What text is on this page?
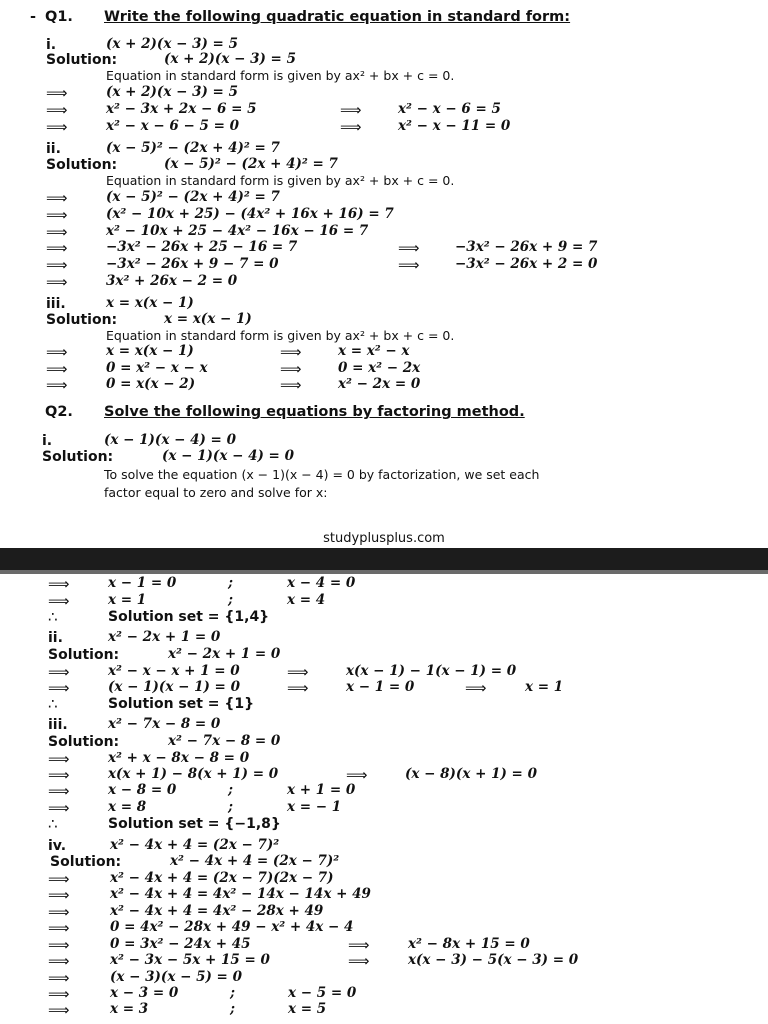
- Q1. Write the following quadratic equation in standard form:
i.	(x + 2)(x − 3) = 5
Solution:	(x + 2)(x − 3) = 5
Equation in standard form is given by ax² + bx + c = 0.
⟹	(x + 2)(x − 3) = 5
⟹	x² − 3x + 2x − 6 = 5	⟹	x² − x − 6 = 5
⟹	x² − x − 6 − 5 = 0	⟹	x² − x − 11 = 0
ii.	(x − 5)² − (2x + 4)² = 7
Solution:	(x − 5)² − (2x + 4)² = 7
Equation in standard form is given by ax² + bx + c = 0.
⟹	(x − 5)² − (2x + 4)² = 7
⟹	(x² − 10x + 25) − (4x² + 16x + 16) = 7
⟹	x² − 10x + 25 − 4x² − 16x − 16 = 7
⟹	−3x² − 26x + 25 − 16 = 7	⟹	−3x² − 26x + 9 = 7
⟹	−3x² − 26x + 9 − 7 = 0	⟹	−3x² − 26x + 2 = 0
⟹	3x² + 26x − 2 = 0
iii.	x = x(x − 1)
Solution:	x = x(x − 1)
Equation in standard form is given by ax² + bx + c = 0.
⟹	x = x(x − 1)	⟹	x = x² − x
⟹	0 = x² − x − x	⟹	0 = x² − 2x
⟹	0 = x(x − 2)	⟹	x² − 2x = 0
Q2. Solve the following equations by factoring method.
i.	(x − 1)(x − 4) = 0
Solution:	(x − 1)(x − 4) = 0
To solve the equation (x − 1)(x − 4) = 0 by factorization, we set each
factor equal to zero and solve for x:
studyplusplus.com
⟹	x − 1 = 0	;	x − 4 = 0
⟹	x = 1	;	x = 4
∴	Solution set = {1,4}
ii.	x² − 2x + 1 = 0
Solution:	x² − 2x + 1 = 0
⟹	x² − x − x + 1 = 0	⟹	x(x − 1) − 1(x − 1) = 0
⟹	(x − 1)(x − 1) = 0	⟹	x − 1 = 0	⟹	x = 1
∴	Solution set = {1}
iii.	x² − 7x − 8 = 0
Solution:	x² − 7x − 8 = 0
⟹	x² + x − 8x − 8 = 0
⟹	x(x + 1) − 8(x + 1) = 0	⟹	(x − 8)(x + 1) = 0
⟹	x − 8 = 0	;	x + 1 = 0
⟹	x = 8	;	x = − 1
∴	Solution set = {−1,8}
iv.	x² − 4x + 4 = (2x − 7)²
Solution:	x² − 4x + 4 = (2x − 7)²
⟹	x² − 4x + 4 = (2x − 7)(2x − 7)
⟹	x² − 4x + 4 = 4x² − 14x − 14x + 49
⟹	x² − 4x + 4 = 4x² − 28x + 49
⟹	0 = 4x² − 28x + 49 − x² + 4x − 4
⟹	0 = 3x² − 24x + 45	⟹	x² − 8x + 15 = 0
⟹	x² − 3x − 5x + 15 = 0	⟹	x(x − 3) − 5(x − 3) = 0
⟹	(x − 3)(x − 5) = 0
⟹	x − 3 = 0	;	x − 5 = 0
⟹	x = 3	;	x = 5
